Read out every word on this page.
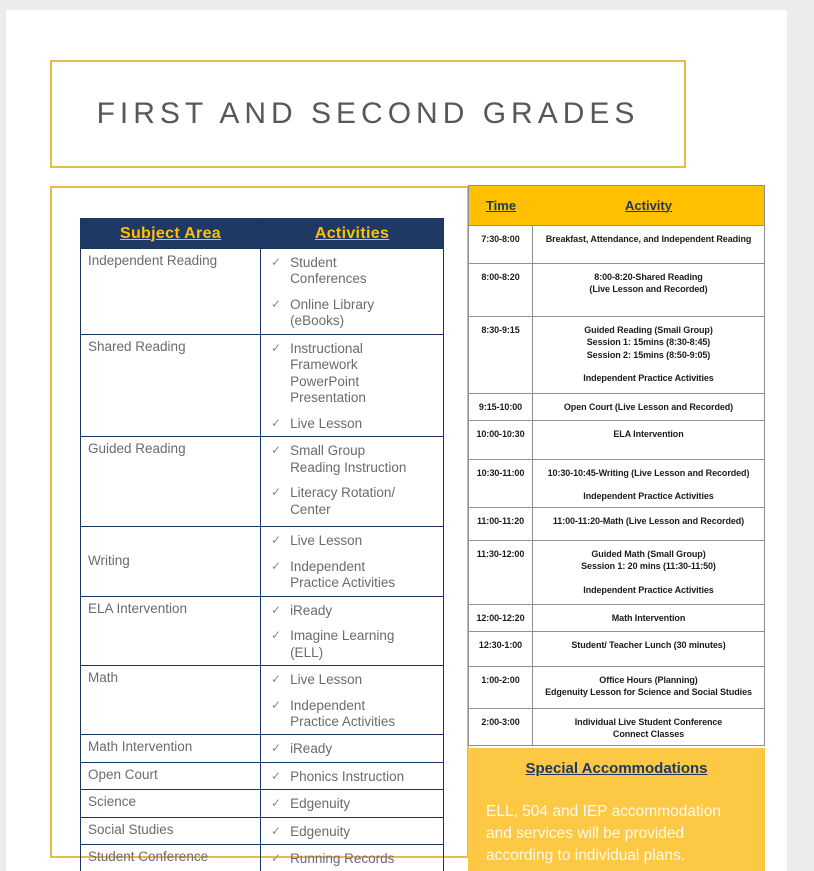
FIRST AND SECOND GRADES
Subject Area	Activities
Independent Reading	✓ Student Conferences
✓ Online Library (eBooks)

Shared Reading	✓ Instructional Framework PowerPoint Presentation
✓ Live Lesson

Guided Reading	✓ Small Group Reading Instruction
✓ Literacy Rotation/ Center

Writing	✓ Live Lesson
✓ Independent Practice Activities

ELA Intervention	✓ iReady
✓ Imagine Learning (ELL)

Math	✓ Live Lesson
✓ Independent Practice Activities

Math Intervention	✓ iReady

Open Court	✓ Phonics Instruction

Science	✓ Edgenuity

Social Studies	✓ Edgenuity

Student Conference	✓ Running Records
Time	Activity
7:30-8:00	Breakfast, Attendance, and Independent Reading
8:00-8:20	8:00-8:20-Shared Reading
(Live Lesson and Recorded)
8:30-9:15	Guided Reading (Small Group)
Session 1: 15mins (8:30-8:45)
Session 2: 15mins (8:50-9:05)
Independent Practice Activities
9:15-10:00	Open Court (Live Lesson and Recorded)
10:00-10:30	ELA Intervention
10:30-11:00	10:30-10:45-Writing (Live Lesson and Recorded)
Independent Practice Activities
11:00-11:20	11:00-11:20-Math (Live Lesson and Recorded)
11:30-12:00	Guided Math (Small Group)
Session 1: 20 mins (11:30-11:50)
Independent Practice Activities
12:00-12:20	Math Intervention
12:30-1:00	Student/ Teacher Lunch (30 minutes)
1:00-2:00	Office Hours (Planning)
Edgenuity Lesson for Science and Social Studies
2:00-3:00	Individual Live Student Conference
Connect Classes
Special Accommodations

ELL, 504 and IEP accommodation and services will be provided according to individual plans.
